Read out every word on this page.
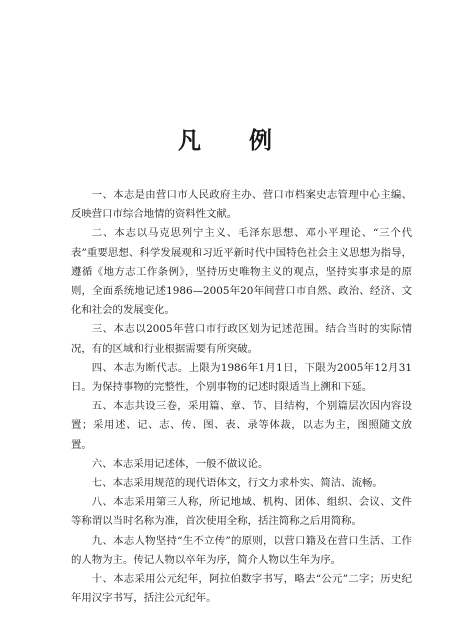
凡 例

一、本志是由营口市人民政府主办、营口市档案史志管理中心主编、反映营口市综合地情的资料性文献。

二、本志以马克思列宁主义、毛泽东思想、邓小平理论、“三个代表”重要思想、科学发展观和习近平新时代中国特色社会主义思想为指导，遵循《地方志工作条例》，坚持历史唯物主义的观点，坚持实事求是的原则，全面系统地记述1986—2005年20年间营口市自然、政治、经济、文化和社会的发展变化。

三、本志以2005年营口市行政区划为记述范围。结合当时的实际情况，有的区域和行业根据需要有所突破。

四、本志为断代志。上限为1986年1月1日，下限为2005年12月31日。为保持事物的完整性，个别事物的记述时限适当上溯和下延。

五、本志共设三卷，采用篇、章、节、目结构，个别篇层次因内容设置；采用述、记、志、传、图、表、录等体裁，以志为主，图照随文放置。

六、本志采用记述体，一般不做议论。

七、本志采用规范的现代语体文，行文力求朴实、简洁、流畅。

八、本志采用第三人称，所记地域、机构、团体、组织、会议、文件等称谓以当时名称为准，首次使用全称，括注简称之后用简称。

九、本志人物坚持“生不立传”的原则，以营口籍及在营口生活、工作的人物为主。传记人物以卒年为序，简介人物以生年为序。

十、本志采用公元纪年，阿拉伯数字书写，略去“公元”二字；历史纪年用汉字书写，括注公元纪年。
